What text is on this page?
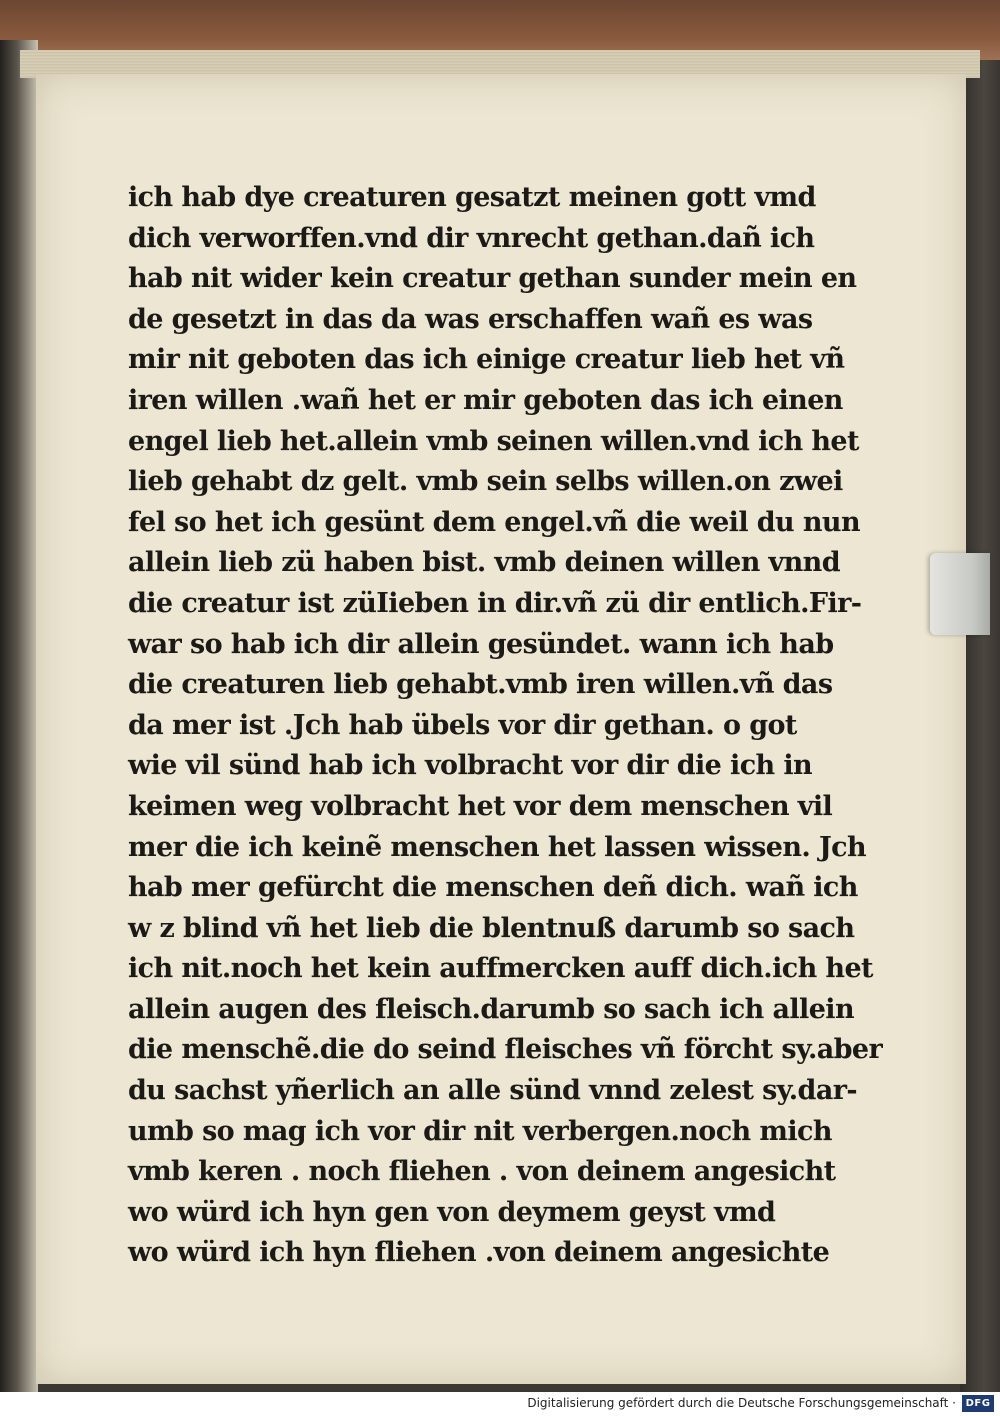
ich hab dye creaturen gesatzt meinen gott vmd
dich verworffen.vnd dir vnrecht gethan.dañ ich
hab nit wider kein creatur gethan sunder mein en
de gesetzt in das da was erschaffen wañ es was
mir nit geboten das ich einige creatur lieb het vñ
iren willen .wañ het er mir geboten das ich einen
engel lieb het.allein vmb seinen willen.vnd ich het
lieb gehabt dz gelt. vmb sein selbs willen.on zwei
fel so het ich gesünt dem engel.vñ die weil du nun
allein lieb zü haben bist. vmb deinen willen vnnd
die creatur ist züIieben in dir.vñ zü dir entlich.Fir-
war so hab ich dir allein gesündet. wann ich hab
die creaturen lieb gehabt.vmb iren willen.vñ das
da mer ist .Jch hab übels vor dir gethan. o got
wie vil sünd hab ich volbracht vor dir die ich in
keimen weg volbracht het vor dem menschen vil
mer die ich keinẽ menschen het lassen wissen. Jch
hab mer gefürcht die menschen deñ dich. wañ ich
w z blind vñ het lieb die blentnuß darumb so sach
ich nit.noch het kein auffmercken auff dich.ich het
allein augen des fleisch.darumb so sach ich allein
die menschẽ.die do seind fleisches vñ förcht sy.aber
du sachst yñerlich an alle sünd vnnd zelest sy.dar-
umb so mag ich vor dir nit verbergen.noch mich
vmb keren . noch fliehen . von deinem angesicht
wo würd ich hyn gen von deymem geyst vmd
wo würd ich hyn fliehen .von deinem angesichte
Digitalisierung gefördert durch die Deutsche Forschungsgemeinschaft · DFG
